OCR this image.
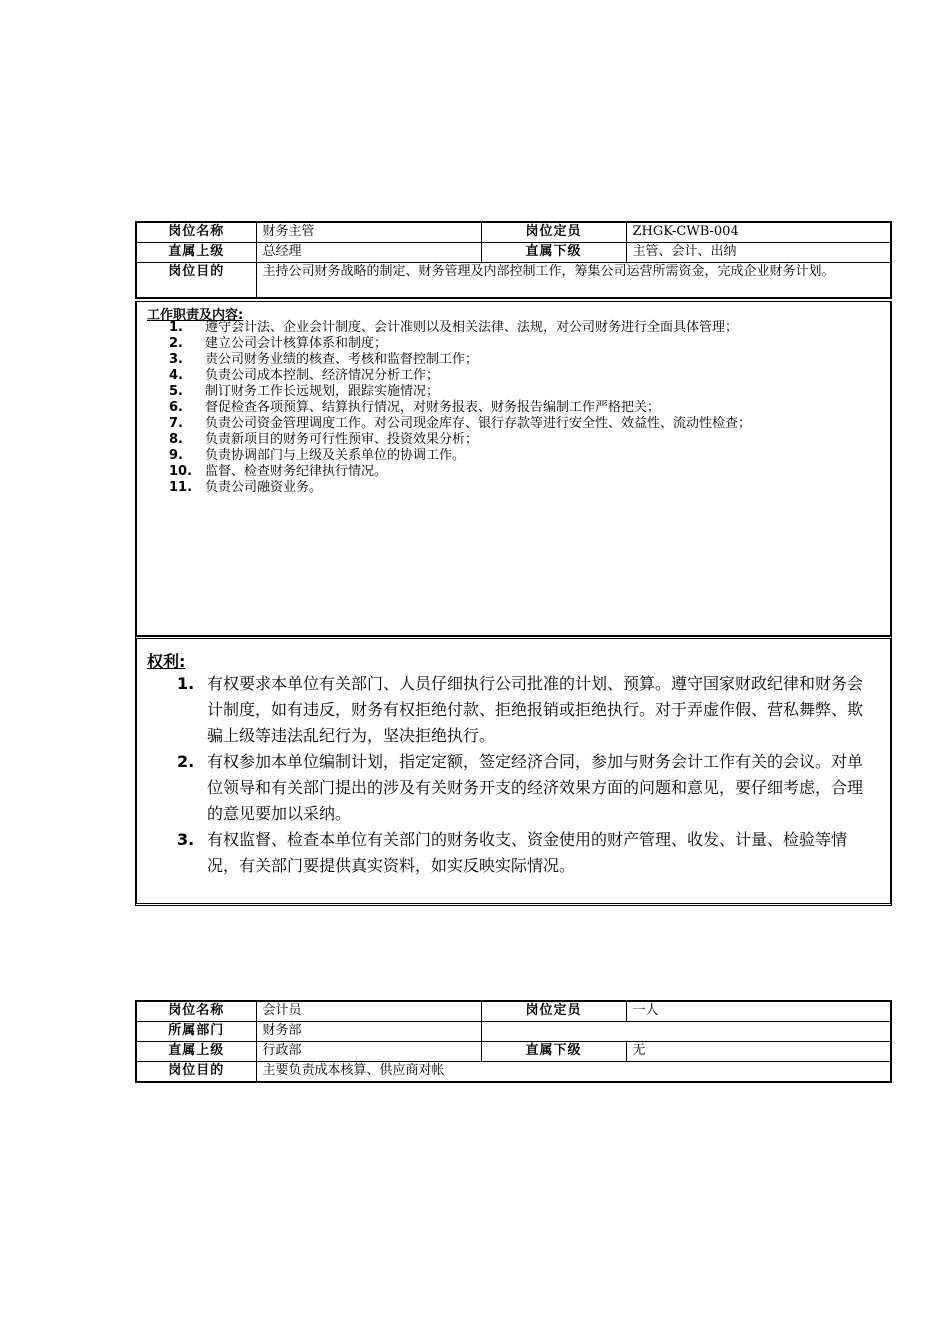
岗位名称	财务主管	岗位定员	ZHGK-CWB-004
直属上级	总经理	直属下级	主管、会计、出纳
岗位目的	主持公司财务战略的制定、财务管理及内部控制工作，筹集公司运营所需资金，完成企业财务计划。		
工作职责及内容:
1.	遵守会计法、企业会计制度、会计准则以及相关法律、法规，对公司财务进行全面具体管理；
2.	建立公司会计核算体系和制度；
3.	责公司财务业绩的核查、考核和监督控制工作；
4.	负责公司成本控制、经济情况分析工作；
5.	制订财务工作长远规划，跟踪实施情况；
6.	督促检查各项预算、结算执行情况，对财务报表、财务报告编制工作严格把关；
7.	负责公司资金管理调度工作。对公司现金库存、银行存款等进行安全性、效益性、流动性检查；
8.	负责新项目的财务可行性预审、投资效果分析；
9.	负责协调部门与上级及关系单位的协调工作。
10. 监督、检查财务纪律执行情况。
11. 负责公司融资业务。
权利:
1. 有权要求本单位有关部门、人员仔细执行公司批准的计划、预算。遵守国家财政纪律和财务会计制度，如有违反，财务有权拒绝付款、拒绝报销或拒绝执行。对于弄虚作假、营私舞弊、欺骗上级等违法乱纪行为，坚决拒绝执行。
2. 有权参加本单位编制计划，指定定额，签定经济合同，参加与财务会计工作有关的会议。对单位领导和有关部门提出的涉及有关财务开支的经济效果方面的问题和意见，要仔细考虑，合理的意见要加以采纳。
3. 有权监督、检查本单位有关部门的财务收支、资金使用的财产管理、收发、计量、检验等情况，有关部门要提供真实资料，如实反映实际情况。
岗位名称	会计员	岗位定员	一人
所属部门	财务部		
直属上级	行政部	直属下级	无
岗位目的	主要负责成本核算、供应商对帐		
